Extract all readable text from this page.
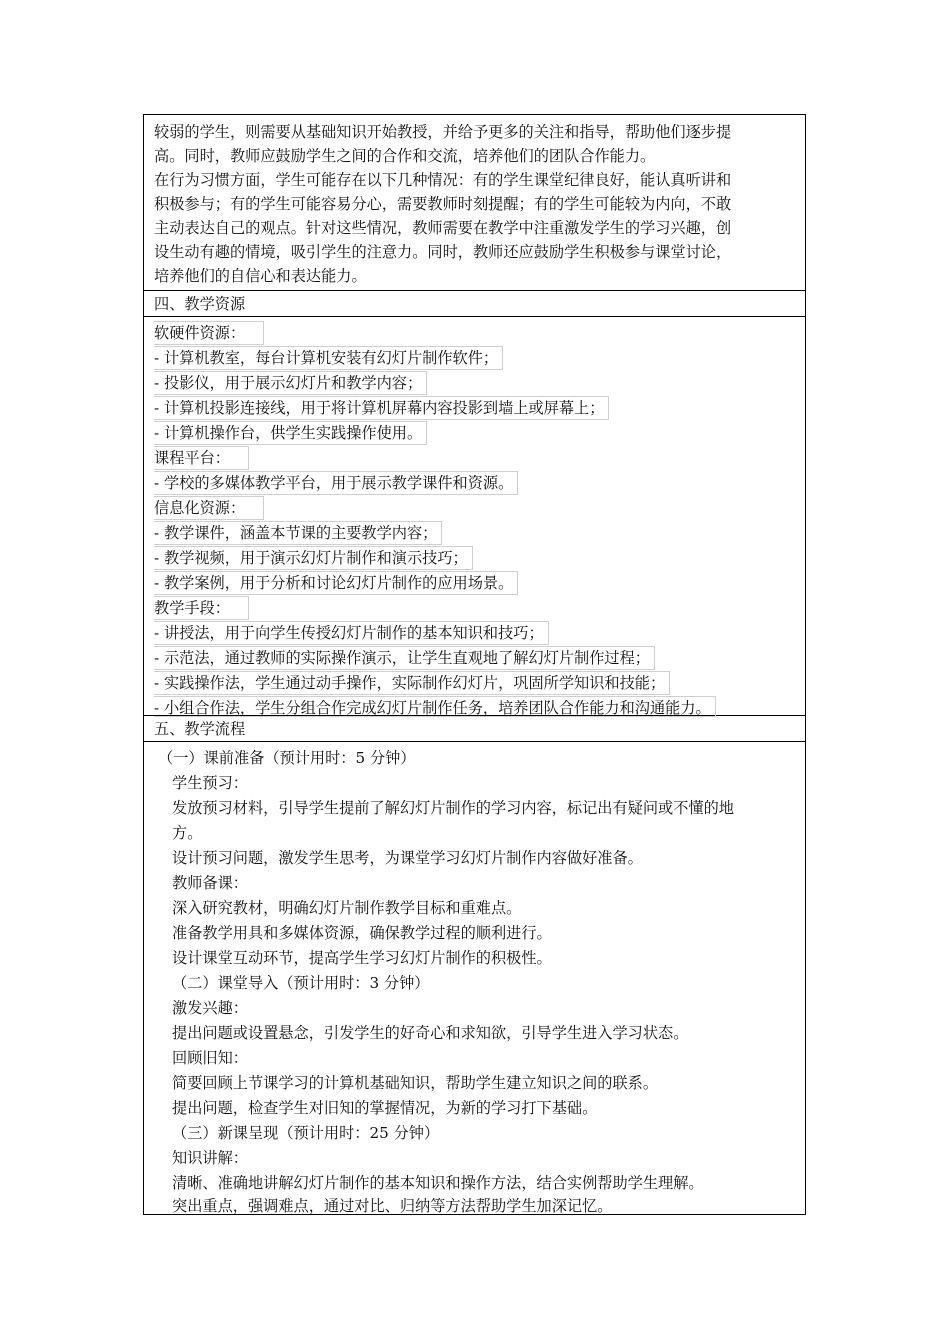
较弱的学生，则需要从基础知识开始教授，并给予更多的关注和指导，帮助他们逐步提
高。同时，教师应鼓励学生之间的合作和交流，培养他们的团队合作能力。
在行为习惯方面，学生可能存在以下几种情况：有的学生课堂纪律良好，能认真听讲和
积极参与；有的学生可能容易分心，需要教师时刻提醒；有的学生可能较为内向，不敢
主动表达自己的观点。针对这些情况，教师需要在教学中注重激发学生的学习兴趣，创
设生动有趣的情境，吸引学生的注意力。同时，教师还应鼓励学生积极参与课堂讨论，
培养他们的自信心和表达能力。
四、教学资源
软硬件资源：
- 计算机教室，每台计算机安装有幻灯片制作软件；
- 投影仪，用于展示幻灯片和教学内容；
- 计算机投影连接线，用于将计算机屏幕内容投影到墙上或屏幕上；
- 计算机操作台，供学生实践操作使用。
课程平台：
- 学校的多媒体教学平台，用于展示教学课件和资源。
信息化资源：
- 教学课件，涵盖本节课的主要教学内容；
- 教学视频，用于演示幻灯片制作和演示技巧；
- 教学案例，用于分析和讨论幻灯片制作的应用场景。
教学手段：
- 讲授法，用于向学生传授幻灯片制作的基本知识和技巧；
- 示范法，通过教师的实际操作演示，让学生直观地了解幻灯片制作过程；
- 实践操作法，学生通过动手操作，实际制作幻灯片，巩固所学知识和技能；
- 小组合作法，学生分组合作完成幻灯片制作任务，培养团队合作能力和沟通能力。
五、教学流程
（一）课前准备（预计用时：5 分钟）
学生预习：
发放预习材料，引导学生提前了解幻灯片制作的学习内容，标记出有疑问或不懂的地
方。
设计预习问题，激发学生思考，为课堂学习幻灯片制作内容做好准备。
教师备课：
深入研究教材，明确幻灯片制作教学目标和重难点。
准备教学用具和多媒体资源，确保教学过程的顺利进行。
设计课堂互动环节，提高学生学习幻灯片制作的积极性。
（二）课堂导入（预计用时：3 分钟）
激发兴趣：
提出问题或设置悬念，引发学生的好奇心和求知欲，引导学生进入学习状态。
回顾旧知：
简要回顾上节课学习的计算机基础知识，帮助学生建立知识之间的联系。
提出问题，检查学生对旧知的掌握情况，为新的学习打下基础。
（三）新课呈现（预计用时：25 分钟）
知识讲解：
清晰、准确地讲解幻灯片制作的基本知识和操作方法，结合实例帮助学生理解。
突出重点，强调难点，通过对比、归纳等方法帮助学生加深记忆。
